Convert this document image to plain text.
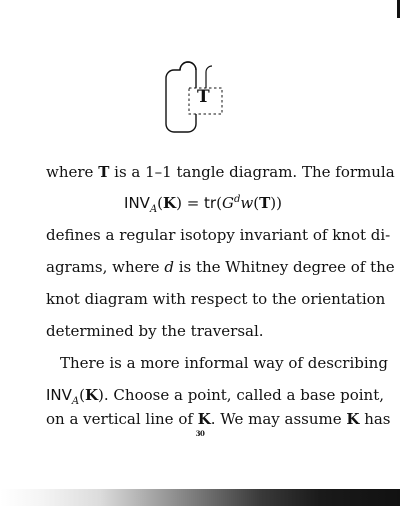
T
where T is a 1–1 tangle diagram. The formula
$INV_A(K) = tr(G^dw(T))$
defines a regular isotopy invariant of knot di-
agrams, where d is the Whitney degree of the
knot diagram with respect to the orientation
determined by the traversal.
There is a more informal way of describing
$INV_A(K)$. Choose a point, called a base point,
on a vertical line of K. We may assume K has
30
